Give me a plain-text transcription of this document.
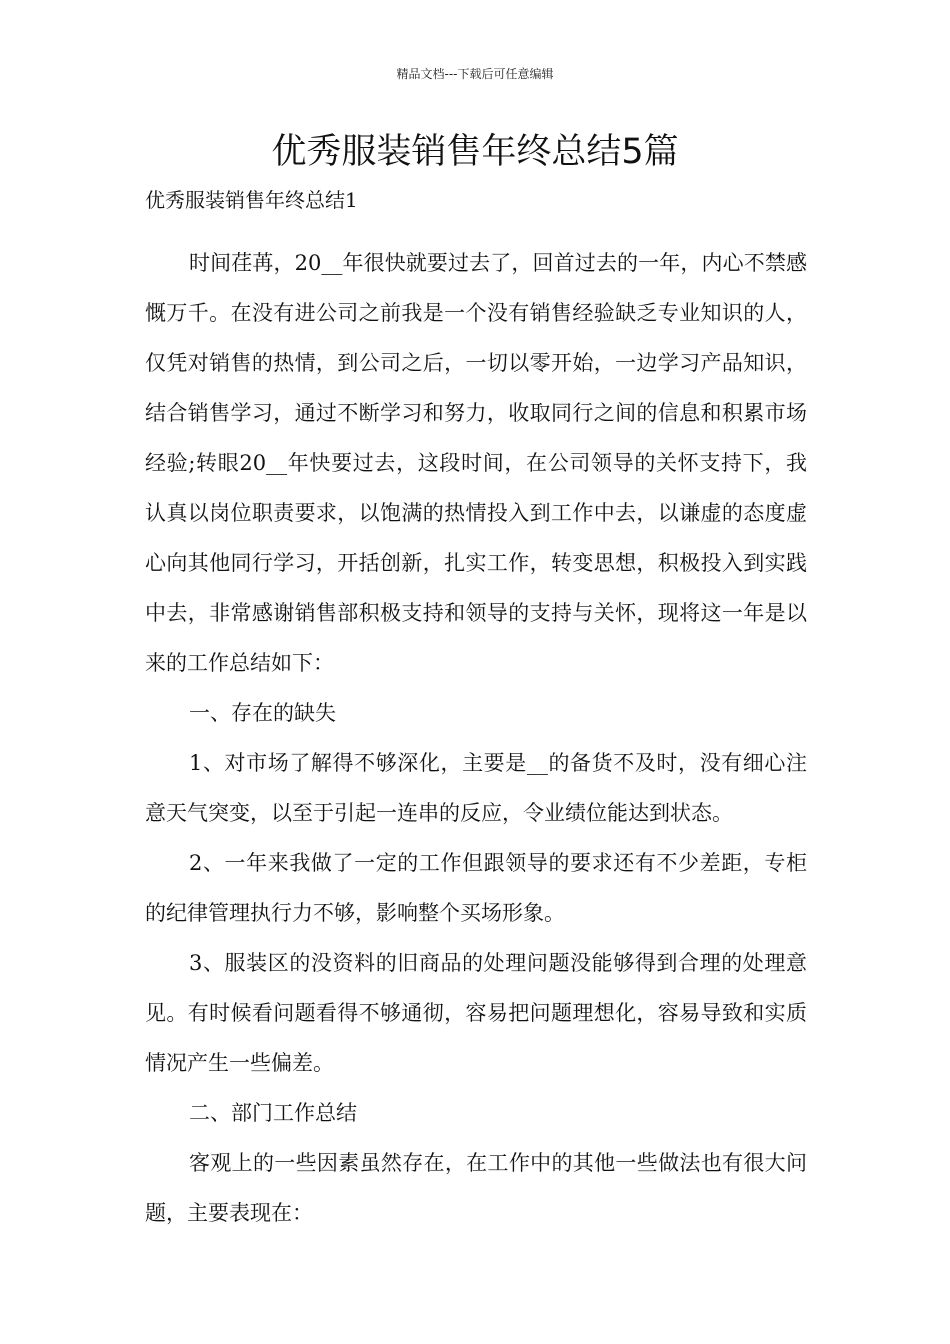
精品文档---下载后可任意编辑
优秀服装销售年终总结5篇

优秀服装销售年终总结1

时间荏苒，20__年很快就要过去了，回首过去的一年，内心不禁感慨万千。在没有进公司之前我是一个没有销售经验缺乏专业知识的人，仅凭对销售的热情，到公司之后，一切以零开始，一边学习产品知识，结合销售学习，通过不断学习和努力，收取同行之间的信息和积累市场经验;转眼20__年快要过去，这段时间，在公司领导的关怀支持下，我认真以岗位职责要求，以饱满的热情投入到工作中去，以谦虚的态度虚心向其他同行学习，开括创新，扎实工作，转变思想，积极投入到实践中去，非常感谢销售部积极支持和领导的支持与关怀，现将这一年是以来的工作总结如下：

一、存在的缺失

1、对市场了解得不够深化，主要是__的备货不及时，没有细心注意天气突变，以至于引起一连串的反应，令业绩位能达到状态。

2、一年来我做了一定的工作但跟领导的要求还有不少差距，专柜的纪律管理执行力不够，影响整个买场形象。

3、服装区的没资料的旧商品的处理问题没能够得到合理的处理意见。有时候看问题看得不够通彻，容易把问题理想化，容易导致和实质情况产生一些偏差。

二、部门工作总结

客观上的一些因素虽然存在，在工作中的其他一些做法也有很大问题，主要表现在：
